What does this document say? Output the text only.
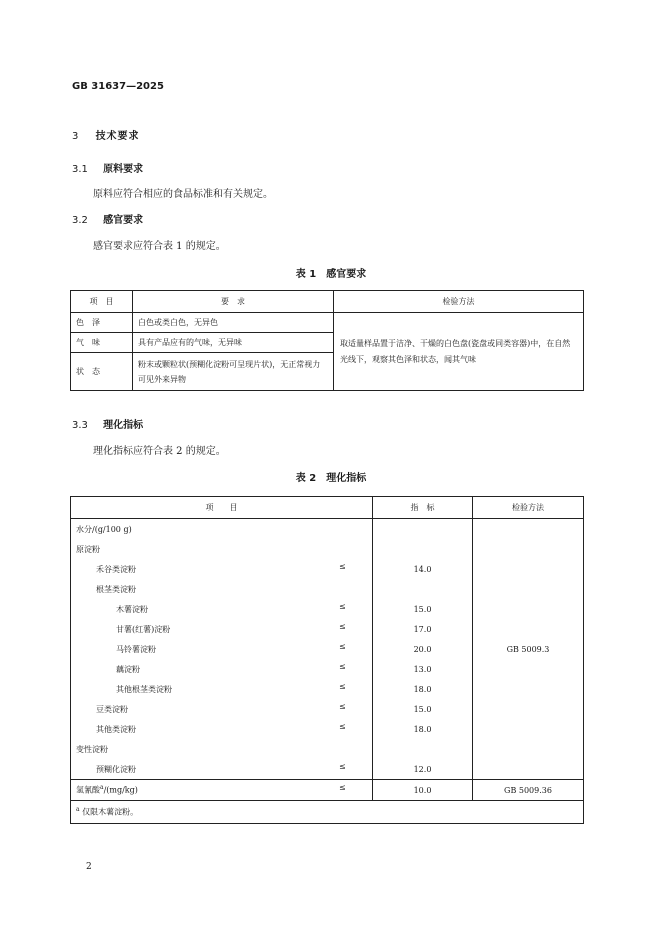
GB 31637—2025
3 技术要求
3.1 原料要求
原料应符合相应的食品标准和有关规定。
3.2 感官要求
感官要求应符合表 1 的规定。
表 1　感官要求
项　目	要　求	检验方法
色　泽	白色或类白色，无异色	取适量样品置于洁净、干燥的白色盘(瓷盘或同类容器)中，在自然光线下，观察其色泽和状态，闻其气味
气　味	具有产品应有的气味，无异味	
状　态	粉末或颗粒状(预糊化淀粉可呈现片状)，无正常视力可见外来异物	
3.3 理化指标
理化指标应符合表 2 的规定。
表 2　理化指标
项　　目	指　标	检验方法
水分/(g/100 g)		GB 5009.3
原淀粉	

禾谷类淀粉 ≤	14.0	
根茎类淀粉	

木薯淀粉 ≤	15.0	
甘薯(红薯)淀粉 ≤	17.0	
马铃薯淀粉 ≤	20.0	
藕淀粉 ≤	13.0	
其他根茎类淀粉 ≤	18.0	
豆类淀粉 ≤	15.0	
其他类淀粉 ≤	18.0	
变性淀粉	

预糊化淀粉 ≤	12.0	
氢氰酸$^a$/(mg/kg) ≤	10.0	GB 5009.36
$^a$ 仅限木薯淀粉。		
2
